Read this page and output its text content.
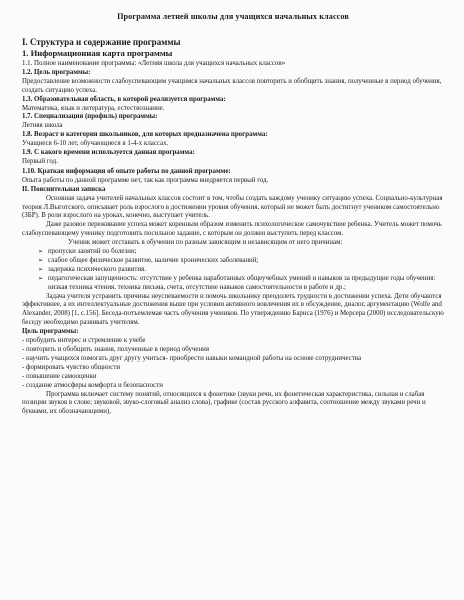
Программа летней школы для учащихся начальных классов
I. Структура и содержание программы
1. Информационная карта программы

1.1. Полное наименование программы: «Летняя школа для учащихся начальных классов»

1.2. Цель программы:

Предоставление возможности слабоуспевающим учащимся начальных классов повторить и обобщить знания, полученные в период обучения, создать ситуацию успеха.

1.3. Образовательная область, в которой реализуется программа:

Математика, язык и литература, естествознание.

1.7. Специализация (профиль) программы:

Летняя школа

1.8. Возраст и категория школьников, для которых предназначена программа:

Учащиеся 6-10 лет, обучающиеся в 1-4-х классах.

1.9. С какого времени используется данная программа:

Первый год.

1.10. Краткая информация об опыте работы по данной программе:

Опыта работы по данной программе нет, так как программа внедряется первый год.

II. Пояснительная записка

Основная задача учителей начальных классов состоит в том, чтобы создать каждому ученику ситуацию успеха. Социально-культурная теория Л.Выготского, описывает роль взрослого в достижении уровня обучения, который не может быть достигнут учеником самостоятельно (ЗБР). В роли взрослого на уроках, конечно, выступает учитель.

Даже разовое переживание успеха может коренным образом изменить психологическое самочувствие ребенка. Учитель может помочь слабоуспевающему ученику подготовить посильное задание, с которым он должен выступить перед классом.

Ученик может отставать в обучении по разным зависящим и независящим от него причинам:

➢ пропуски занятий по болезни;
➢ слабое общее физическое развитие, наличие хронических заболеваний;
➢ задержка психического развития.
➢ педагогическая запущенность: отсутствие у ребенка наработанных общеучебных умений и навыков за предыдущие годы обучения: низкая техника чтения, техника письма, счета, отсутствие навыков самостоятельности в работе и др.;

Задача учителя устранить причины неуспеваемости и помочь школьнику преодолеть трудности в достижении успеха. Дети обучаются эффективнее, а их интеллектуальные достижения выше при условии активного вовлечения их в обсуждение, диалог, аргументацию (Wolfe and Alexander, 2008) [1, с.156]. Беседа-потъемлемая часть обучения учеников. По утверждению Барнса (1976) и Мерсера (2000) исследовательскую беседу необходимо развивать учителям.

Цель программы:

- пробудить интерес и стремление к учебе

- повторить и обобщить знания, полученные в период обучения

- научить учащихся помогать друг другу учиться- приобрести навыки командной работы на основе сотрудничества

- формировать чувство общности

- повышение самооценки

- создание атмосферы комфорта и безопасности

Программа включает систему понятий, относящихся к фонетике (звуки речи, их фонетическая характеристика, сильная и слабая позиции звуков в слове; звуковой, звуко-слоговый анализ слова), графике (состав русского алфавита, соотношение между звуками речи и буквами, их обозначающими),
